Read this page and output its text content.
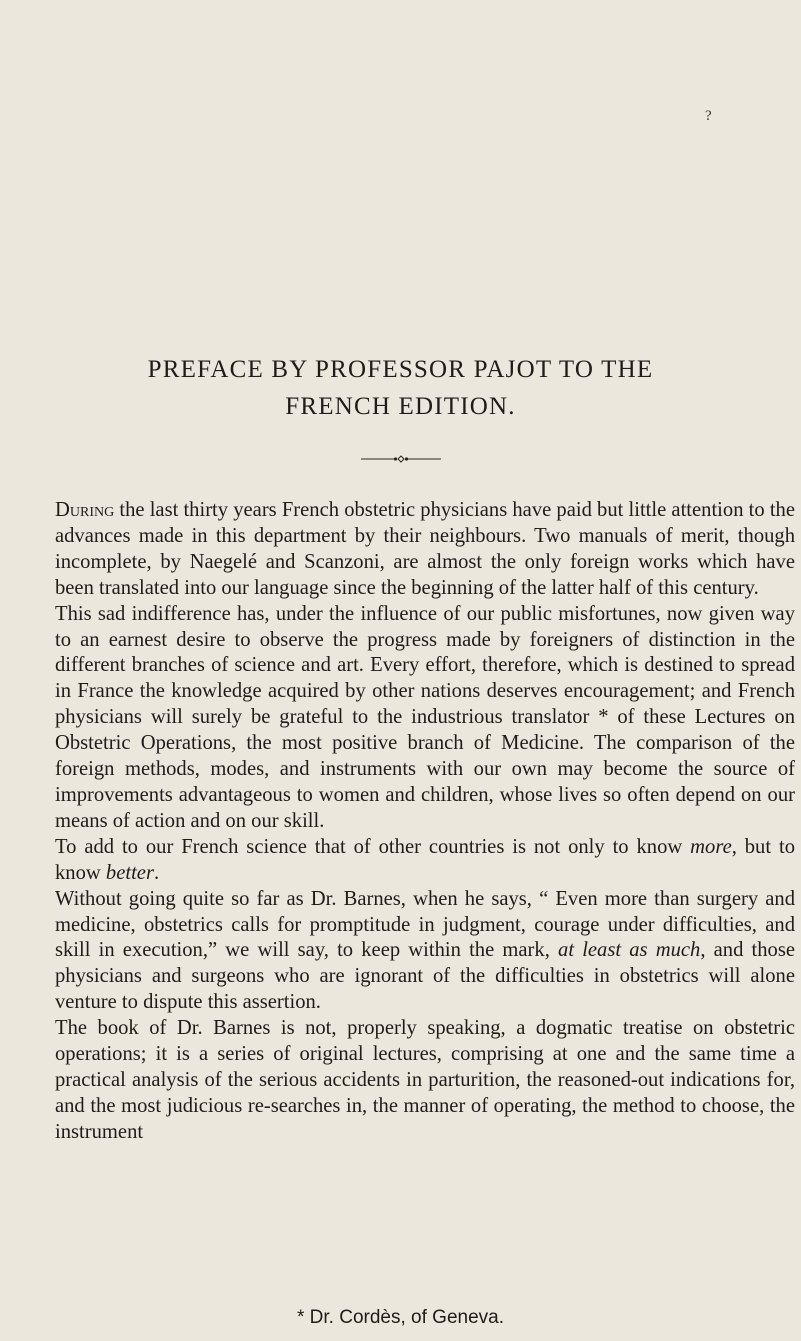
?
PREFACE BY PROFESSOR PAJOT TO THE
FRENCH EDITION.

During the last thirty years French obstetric physicians have paid but little attention to the advances made in this department by their neighbours. Two manuals of merit, though incomplete, by Naegelé and Scanzoni, are almost the only foreign works which have been translated into our language since the beginning of the latter half of this century.

This sad indifference has, under the influence of our public misfortunes, now given way to an earnest desire to observe the progress made by foreigners of distinction in the different branches of science and art. Every effort, therefore, which is destined to spread in France the knowledge acquired by other nations deserves encouragement; and French physicians will surely be grateful to the industrious translator * of these Lectures on Obstetric Operations, the most positive branch of Medicine. The comparison of the foreign methods, modes, and instruments with our own may become the source of improvements advantageous to women and children, whose lives so often depend on our means of action and on our skill.

To add to our French science that of other countries is not only to know more, but to know better.

Without going quite so far as Dr. Barnes, when he says, “ Even more than surgery and medicine, obstetrics calls for promptitude in judgment, courage under difficulties, and skill in execution,” we will say, to keep within the mark, at least as much, and those physicians and surgeons who are ignorant of the difficulties in obstetrics will alone venture to dispute this assertion.

The book of Dr. Barnes is not, properly speaking, a dogmatic treatise on obstetric operations; it is a series of original lectures, comprising at one and the same time a practical analysis of the serious accidents in parturition, the reasoned-out indications for, and the most judicious re-searches in, the manner of operating, the method to choose, the instrument

* Dr. Cordès, of Geneva.
